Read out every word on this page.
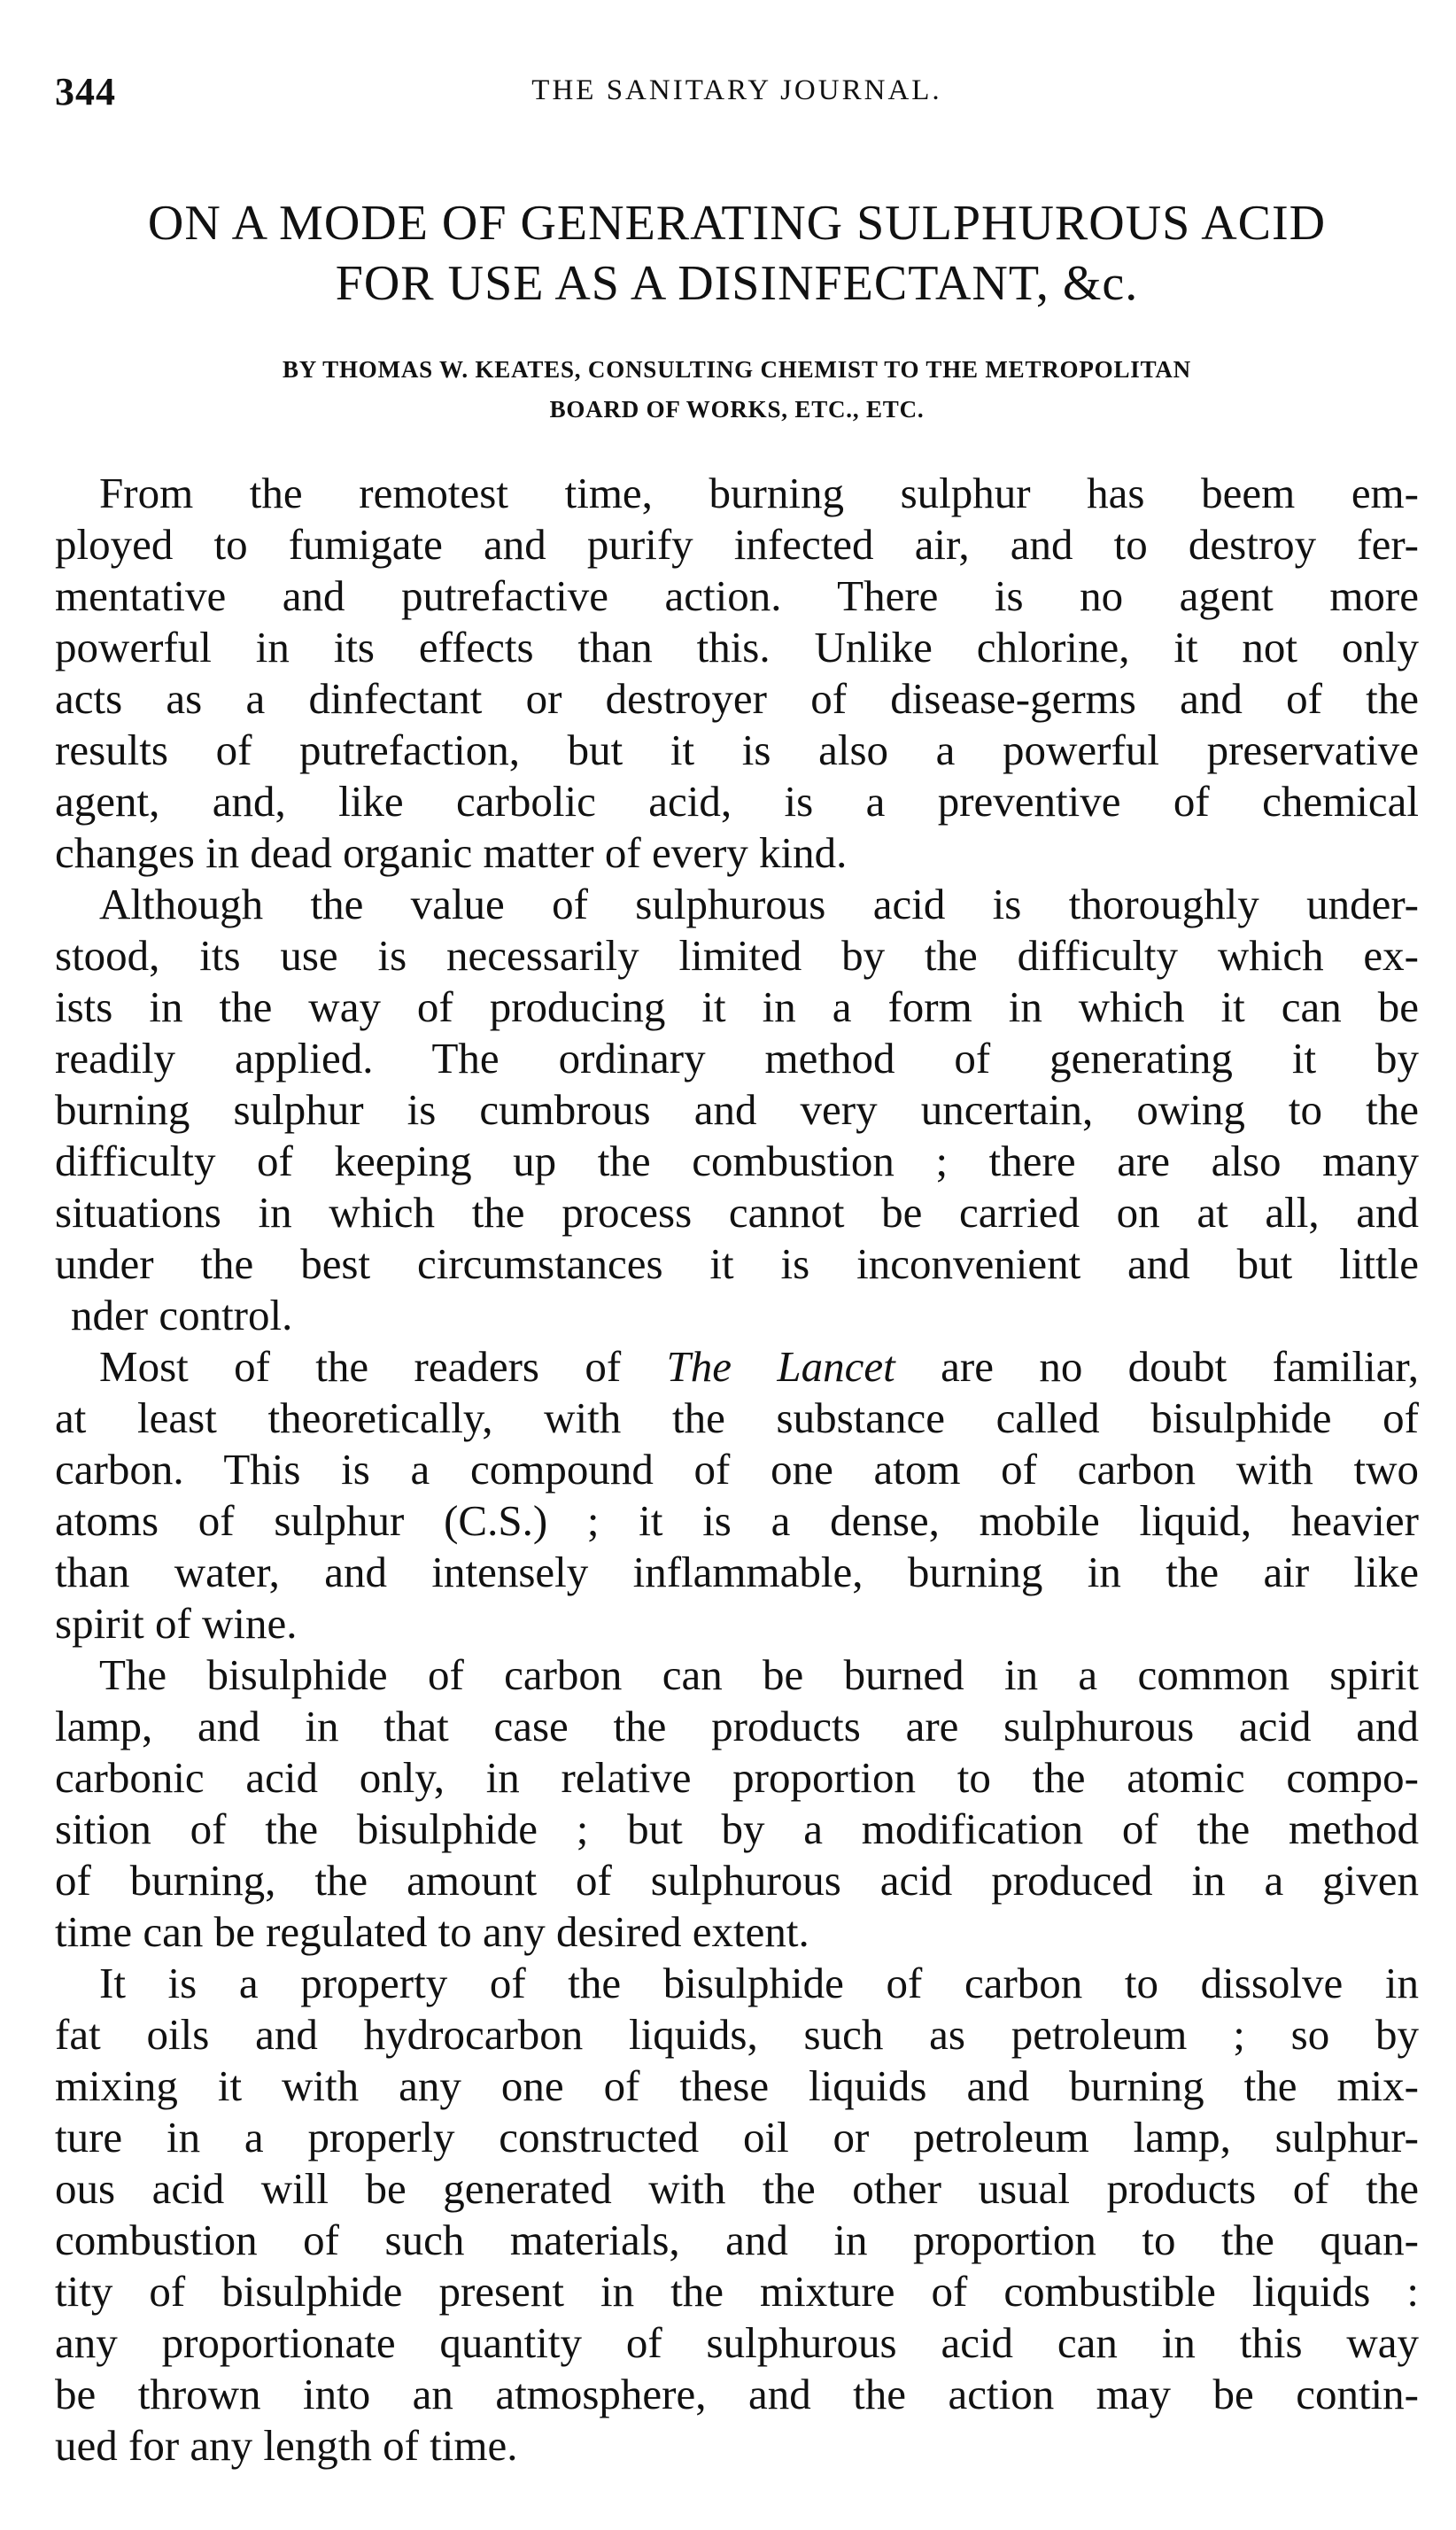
344	THE SANITARY JOURNAL.
ON A MODE OF GENERATING SULPHUROUS ACID
FOR USE AS A DISINFECTANT, &c.
BY THOMAS W. KEATES, CONSULTING CHEMIST TO THE METROPOLITAN
BOARD OF WORKS, ETC., ETC.
From the remotest time, burning sulphur has beem em-
ployed to fumigate and purify infected air, and to destroy fer-
mentative and putrefactive action. There is no agent more
powerful in its effects than this. Unlike chlorine, it not only
acts as a dinfectant or destroyer of disease-germs and of the
results of putrefaction, but it is also a powerful preservative
agent, and, like carbolic acid, is a preventive of chemical
changes in dead organic matter of every kind.
Although the value of sulphurous acid is thoroughly under-
stood, its use is necessarily limited by the difficulty which ex-
ists in the way of producing it in a form in which it can be
readily applied. The ordinary method of generating it by
burning sulphur is cumbrous and very uncertain, owing to the
difficulty of keeping up the combustion ; there are also many
situations in which the process cannot be carried on at all, and
under the best circumstances it is inconvenient and but little
nder control.
Most of the readers of The Lancet are no doubt familiar,
at least theoretically, with the substance called bisulphide of
carbon. This is a compound of one atom of carbon with two
atoms of sulphur (C.S.) ; it is a dense, mobile liquid, heavier
than water, and intensely inflammable, burning in the air like
spirit of wine.
The bisulphide of carbon can be burned in a common spirit
lamp, and in that case the products are sulphurous acid and
carbonic acid only, in relative proportion to the atomic compo-
sition of the bisulphide ; but by a modification of the method
of burning, the amount of sulphurous acid produced in a given
time can be regulated to any desired extent.
It is a property of the bisulphide of carbon to dissolve in
fat oils and hydrocarbon liquids, such as petroleum ; so by
mixing it with any one of these liquids and burning the mix-
ture in a properly constructed oil or petroleum lamp, sulphur-
ous acid will be generated with the other usual products of the
combustion of such materials, and in proportion to the quan-
tity of bisulphide present in the mixture of combustible liquids :
any proportionate quantity of sulphurous acid can in this way
be thrown into an atmosphere, and the action may be contin-
ued for any length of time.
